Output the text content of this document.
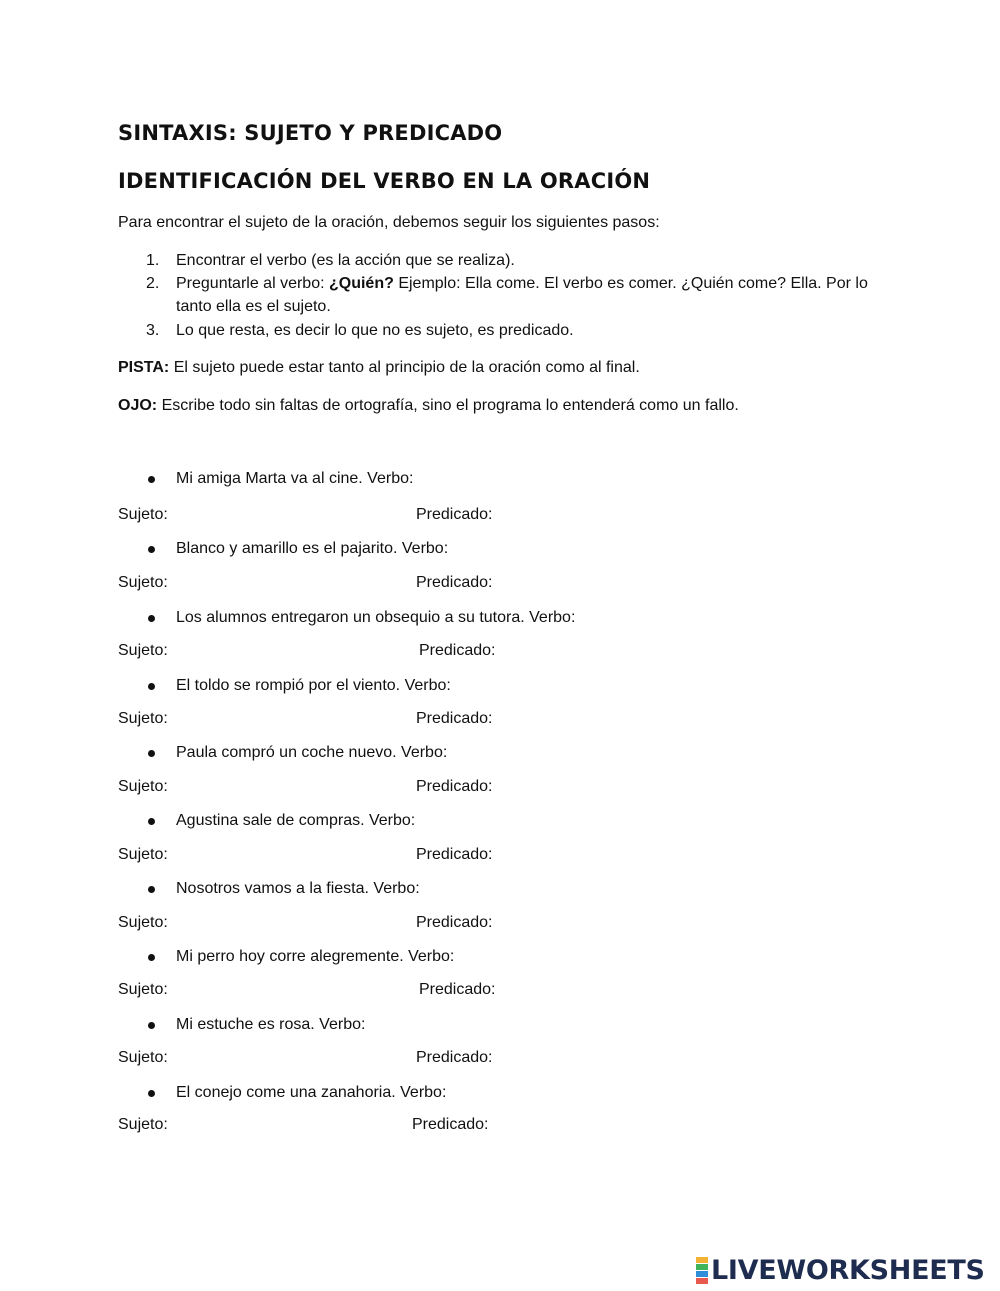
SINTAXIS: SUJETO Y PREDICADO
IDENTIFICACIÓN DEL VERBO EN LA ORACIÓN
Para encontrar el sujeto de la oración, debemos seguir los siguientes pasos:
1.	Encontrar el verbo (es la acción que se realiza).
2.	Preguntarle al verbo: ¿Quién? Ejemplo: Ella come. El verbo es comer. ¿Quién come? Ella. Por lo
tanto ella es el sujeto.
3.	Lo que resta, es decir lo que no es sujeto, es predicado.
PISTA: El sujeto puede estar tanto al principio de la oración como al final.
OJO: Escribe todo sin faltas de ortografía, sino el programa lo entenderá como un fallo.
Mi amiga Marta va al cine. Verbo:
Sujeto:	Predicado:
Blanco y amarillo es el pajarito. Verbo:
Sujeto:	Predicado:
Los alumnos entregaron un obsequio a su tutora. Verbo:
Sujeto:	Predicado:
El toldo se rompió por el viento. Verbo:
Sujeto:	Predicado:
Paula compró un coche nuevo. Verbo:
Sujeto:	Predicado:
Agustina sale de compras. Verbo:
Sujeto:	Predicado:
Nosotros vamos a la fiesta. Verbo:
Sujeto:	Predicado:
Mi perro hoy corre alegremente. Verbo:
Sujeto:	Predicado:
Mi estuche es rosa. Verbo:
Sujeto:	Predicado:
El conejo come una zanahoria. Verbo:
Sujeto:	Predicado:
LIVEWORKSHEETS
